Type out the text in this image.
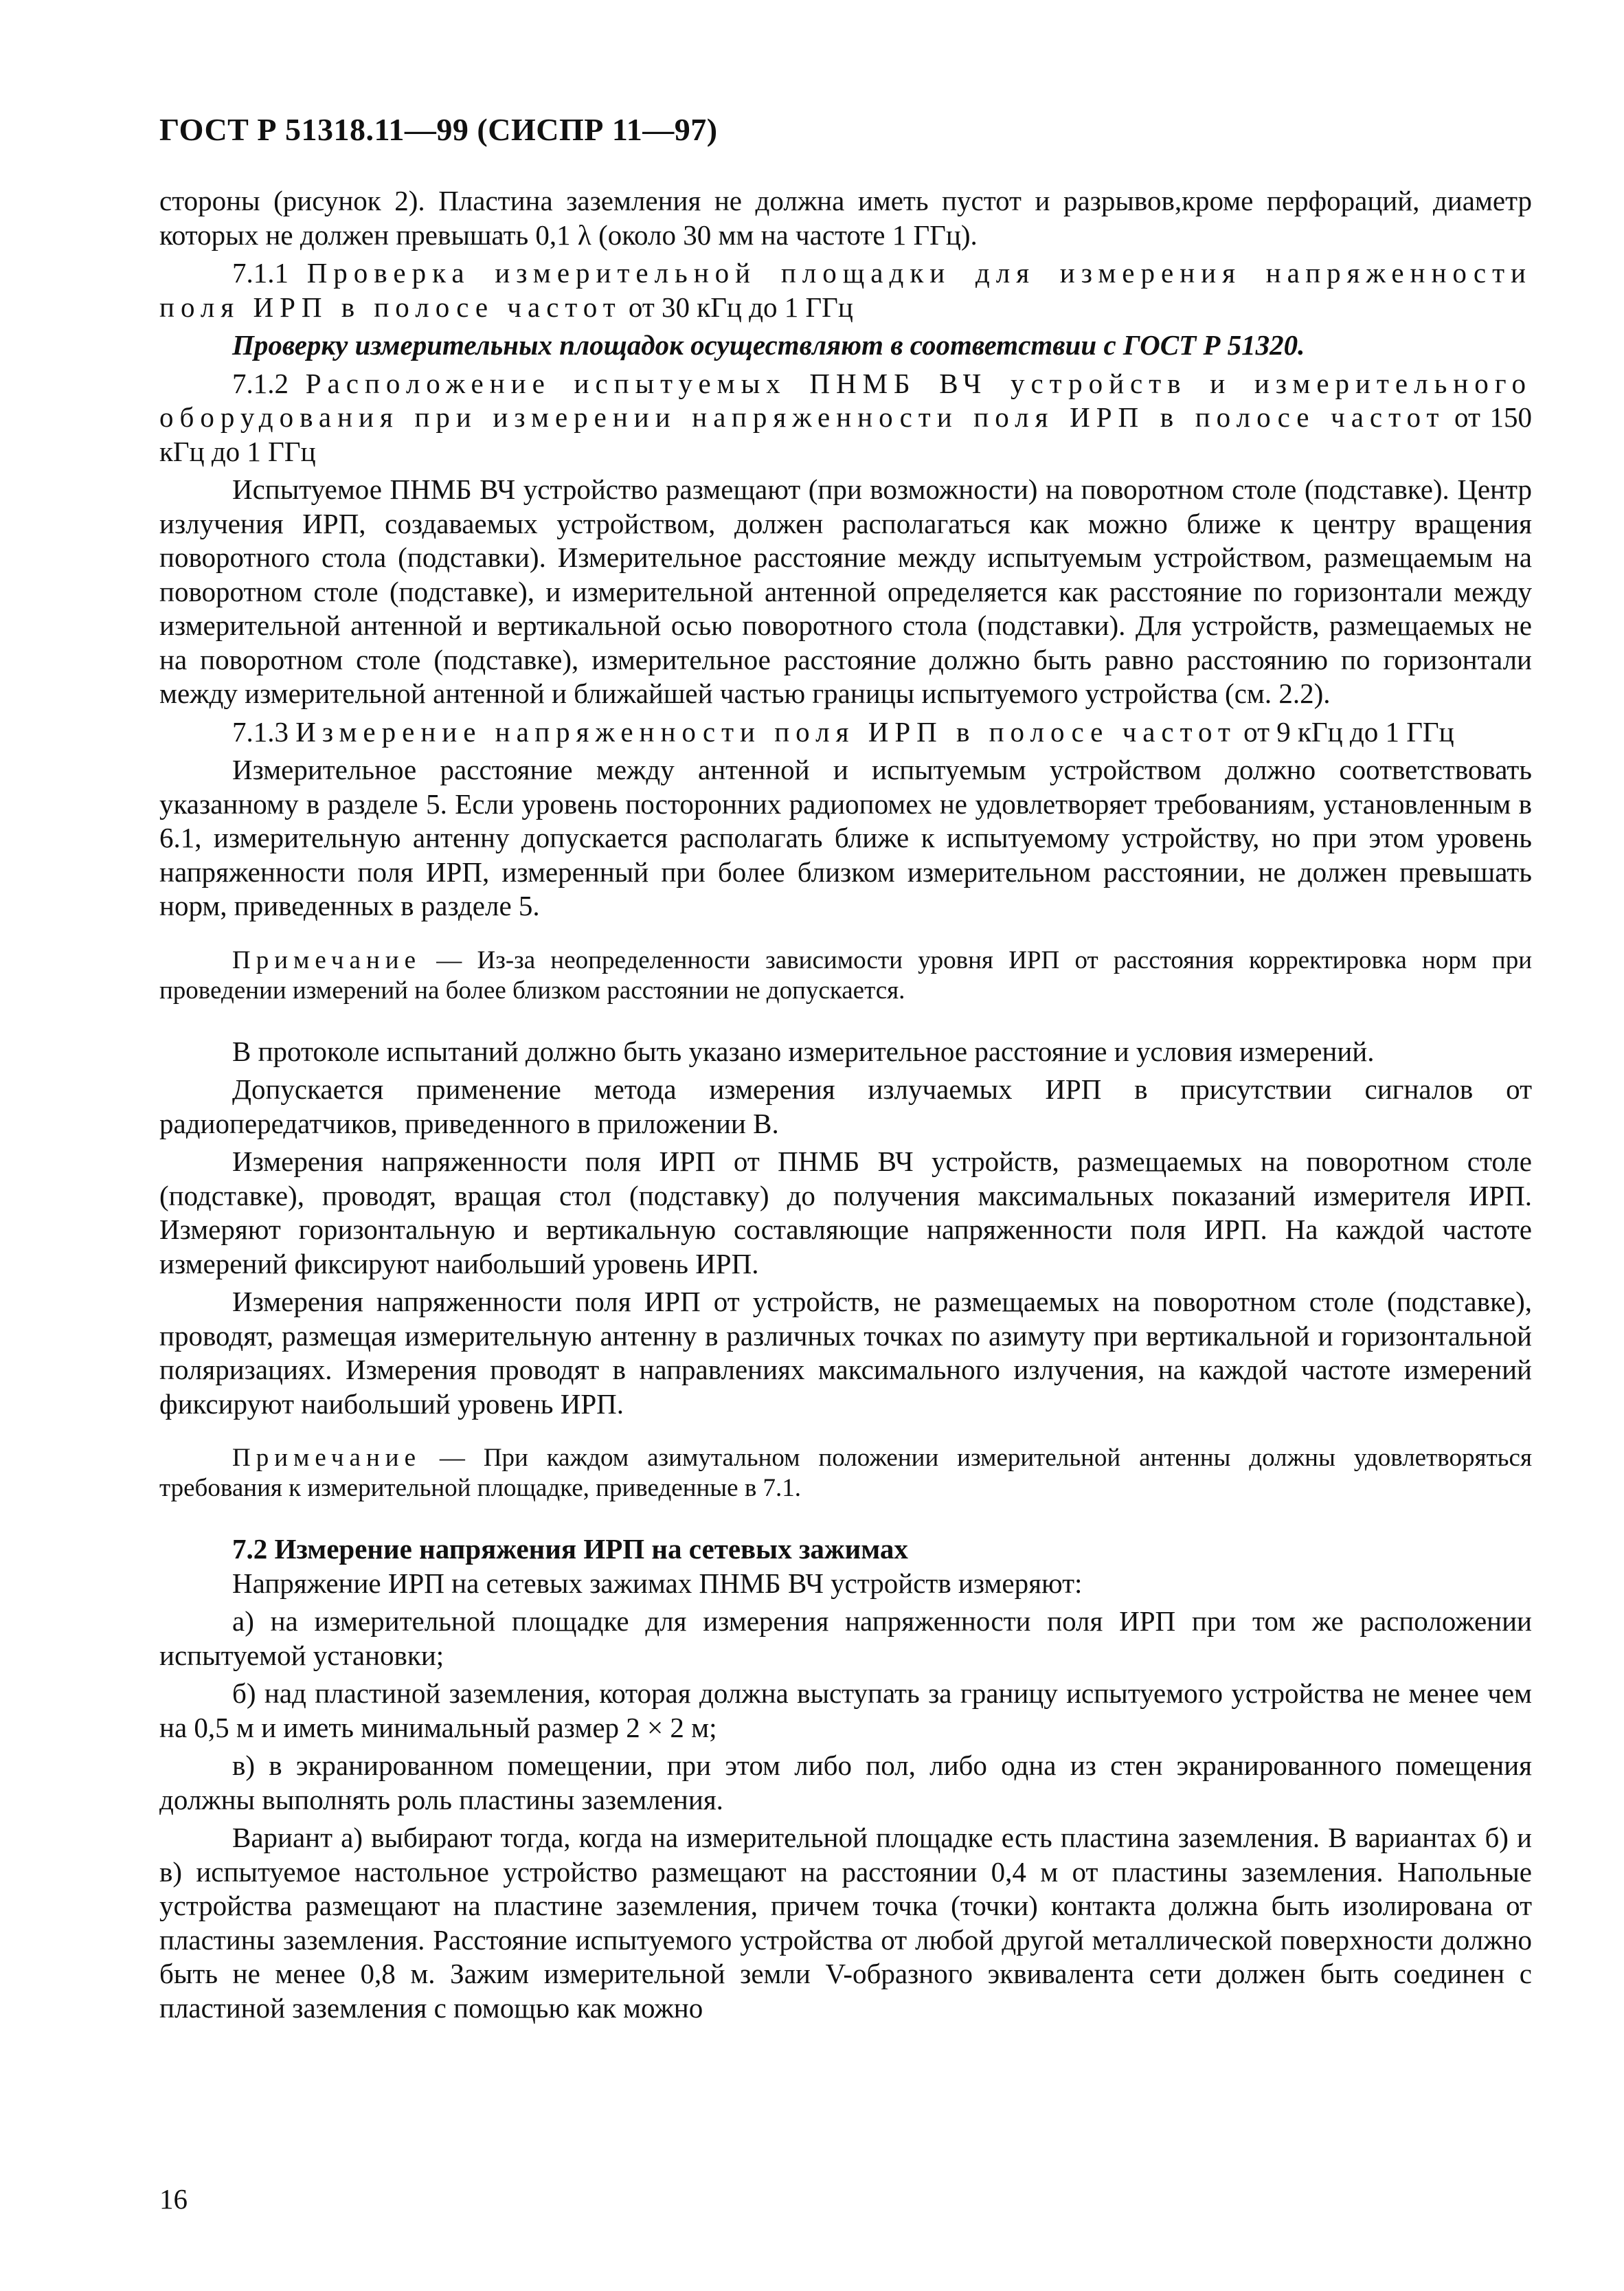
ГОСТ Р 51318.11—99 (СИСПР 11—97)

стороны (рисунок 2). Пластина заземления не должна иметь пустот и разрывов,кроме перфораций, диаметр которых не должен превышать 0,1 λ (около 30 мм на частоте 1 ГГц).

7.1.1 Проверка измерительной площадки для измерения напряженности поля ИРП в полосе частот от 30 кГц до 1 ГГц

Проверку измерительных площадок осуществляют в соответствии с ГОСТ Р 51320.

7.1.2 Расположение испытуемых ПНМБ ВЧ устройств и измерительного оборудования при измерении напряженности поля ИРП в полосе частот от 150 кГц до 1 ГГц

Испытуемое ПНМБ ВЧ устройство размещают (при возможности) на поворотном столе (подставке). Центр излучения ИРП, создаваемых устройством, должен располагаться как можно ближе к центру вращения поворотного стола (подставки). Измерительное расстояние между испытуемым устройством, размещаемым на поворотном столе (подставке), и измерительной антенной определяется как расстояние по горизонтали между измерительной антенной и вертикальной осью поворотного стола (подставки). Для устройств, размещаемых не на поворотном столе (подставке), измерительное расстояние должно быть равно расстоянию по горизонтали между измерительной антенной и ближайшей частью границы испытуемого устройства (см. 2.2).

7.1.3 Измерение напряженности поля ИРП в полосе частот от 9 кГц до 1 ГГц

Измерительное расстояние между антенной и испытуемым устройством должно соответствовать указанному в разделе 5. Если уровень посторонних радиопомех не удовлетворяет требованиям, установленным в 6.1, измерительную антенну допускается располагать ближе к испытуемому устройству, но при этом уровень напряженности поля ИРП, измеренный при более близком измерительном расстоянии, не должен превышать норм, приведенных в разделе 5.

Примечание — Из-за неопределенности зависимости уровня ИРП от расстояния корректировка норм при проведении измерений на более близком расстоянии не допускается.

В протоколе испытаний должно быть указано измерительное расстояние и условия измерений.

Допускается применение метода измерения излучаемых ИРП в присутствии сигналов от радиопередатчиков, приведенного в приложении В.

Измерения напряженности поля ИРП от ПНМБ ВЧ устройств, размещаемых на поворотном столе (подставке), проводят, вращая стол (подставку) до получения максимальных показаний измерителя ИРП. Измеряют горизонтальную и вертикальную составляющие напряженности поля ИРП. На каждой частоте измерений фиксируют наибольший уровень ИРП.

Измерения напряженности поля ИРП от устройств, не размещаемых на поворотном столе (подставке), проводят, размещая измерительную антенну в различных точках по азимуту при вертикальной и горизонтальной поляризациях. Измерения проводят в направлениях максимального излучения, на каждой частоте измерений фиксируют наибольший уровень ИРП.

Примечание — При каждом азимутальном положении измерительной антенны должны удовлетворяться требования к измерительной площадке, приведенные в 7.1.

7.2 Измерение напряжения ИРП на сетевых зажимах

Напряжение ИРП на сетевых зажимах ПНМБ ВЧ устройств измеряют:

а) на измерительной площадке для измерения напряженности поля ИРП при том же расположении испытуемой установки;

б) над пластиной заземления, которая должна выступать за границу испытуемого устройства не менее чем на 0,5 м и иметь минимальный размер 2 × 2 м;

в) в экранированном помещении, при этом либо пол, либо одна из стен экранированного помещения должны выполнять роль пластины заземления.

Вариант а) выбирают тогда, когда на измерительной площадке есть пластина заземления. В вариантах б) и в) испытуемое настольное устройство размещают на расстоянии 0,4 м от пластины заземления. Напольные устройства размещают на пластине заземления, причем точка (точки) контакта должна быть изолирована от пластины заземления. Расстояние испытуемого устройства от любой другой металлической поверхности должно быть не менее 0,8 м. Зажим измерительной земли V-образного эквивалента сети должен быть соединен с пластиной заземления с помощью как можно

16
